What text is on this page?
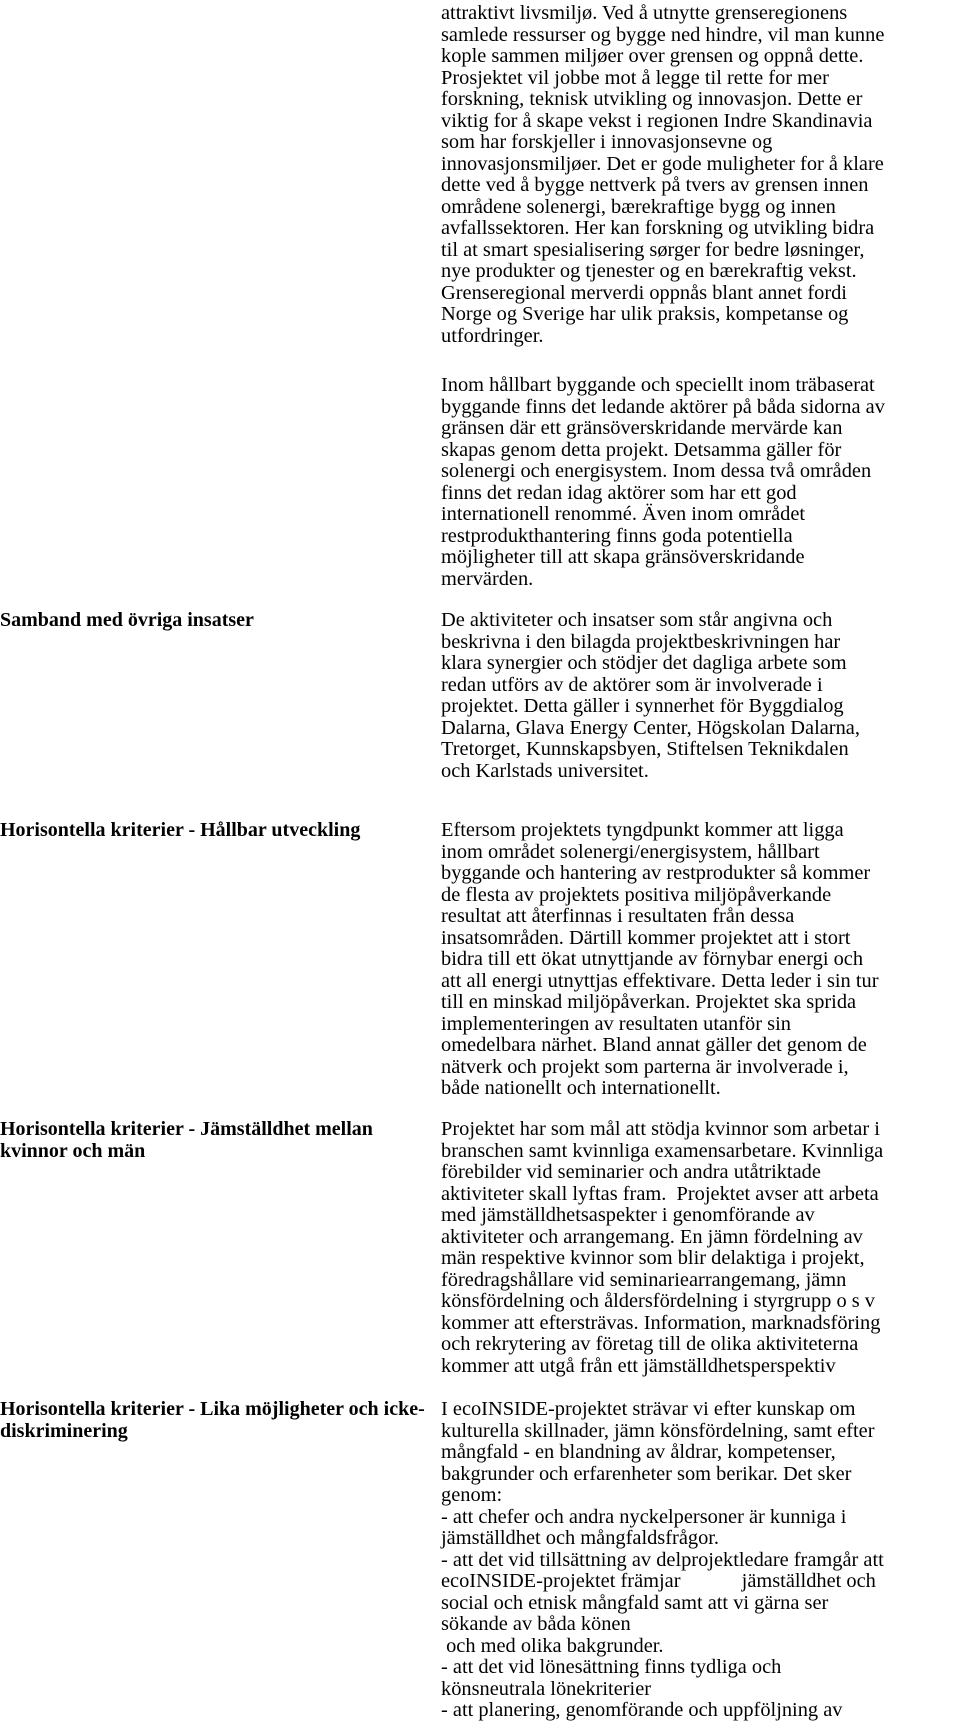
attraktivt livsmiljø. Ved å utnytte grenseregionens
samlede ressurser og bygge ned hindre, vil man kunne
kople sammen miljøer over grensen og oppnå dette.
Prosjektet vil jobbe mot å legge til rette for mer
forskning, teknisk utvikling og innovasjon. Dette er
viktig for å skape vekst i regionen Indre Skandinavia
som har forskjeller i innovasjonsevne og
innovasjonsmiljøer. Det er gode muligheter for å klare
dette ved å bygge nettverk på tvers av grensen innen
områdene solenergi, bærekraftige bygg og innen
avfallssektoren. Her kan forskning og utvikling bidra
til at smart spesialisering sørger for bedre løsninger,
nye produkter og tjenester og en bærekraftig vekst.
Grenseregional merverdi oppnås blant annet fordi
Norge og Sverige har ulik praksis, kompetanse og
utfordringer.
Inom hållbart byggande och speciellt inom träbaserat
byggande finns det ledande aktörer på båda sidorna av
gränsen där ett gränsöverskridande mervärde kan
skapas genom detta projekt. Detsamma gäller för
solenergi och energisystem. Inom dessa två områden
finns det redan idag aktörer som har ett god
internationell renommé. Även inom området
restprodukthantering finns goda potentiella
möjligheter till att skapa gränsöverskridande
mervärden.
Samband med övriga insatser	De aktiviteter och insatser som står angivna och
beskrivna i den bilagda projektbeskrivningen har
klara synergier och stödjer det dagliga arbete som
redan utförs av de aktörer som är involverade i
projektet. Detta gäller i synnerhet för Byggdialog
Dalarna, Glava Energy Center, Högskolan Dalarna,
Tretorget, Kunnskapsbyen, Stiftelsen Teknikdalen
och Karlstads universitet.
Horisontella kriterier - Hållbar utveckling	Eftersom projektets tyngdpunkt kommer att ligga
inom området solenergi/energisystem, hållbart
byggande och hantering av restprodukter så kommer
de flesta av projektets positiva miljöpåverkande
resultat att återfinnas i resultaten från dessa
insatsområden. Därtill kommer projektet att i stort
bidra till ett ökat utnyttjande av förnybar energi och
att all energi utnyttjas effektivare. Detta leder i sin tur
till en minskad miljöpåverkan. Projektet ska sprida
implementeringen av resultaten utanför sin
omedelbara närhet. Bland annat gäller det genom de
nätverk och projekt som parterna är involverade i,
både nationellt och internationellt.
Horisontella kriterier - Jämställdhet mellan
kvinnor och män
Projektet har som mål att stödja kvinnor som arbetar i
branschen samt kvinnliga examensarbetare. Kvinnliga
förebilder vid seminarier och andra utåtriktade
aktiviteter skall lyftas fram.  Projektet avser att arbeta
med jämställdhetsaspekter i genomförande av
aktiviteter och arrangemang. En jämn fördelning av
män respektive kvinnor som blir delaktiga i projekt,
föredragshållare vid seminariearrangemang, jämn
könsfördelning och åldersfördelning i styrgrupp o s v
kommer att eftersträvas. Information, marknadsföring
och rekrytering av företag till de olika aktiviteterna
kommer att utgå från ett jämställdhetsperspektiv
Horisontella kriterier - Lika möjligheter och icke-
diskriminering
I ecoINSIDE-projektet strävar vi efter kunskap om
kulturella skillnader, jämn könsfördelning, samt efter
mångfald - en blandning av åldrar, kompetenser,
bakgrunder och erfarenheter som berikar. Det sker
genom:
- att chefer och andra nyckelpersoner är kunniga i
jämställdhet och mångfaldsfrågor.
- att det vid tillsättning av delprojektledare framgår att
ecoINSIDE-projektet främjar            jämställdhet och
social och etnisk mångfald samt att vi gärna ser
sökande av båda könen
och med olika bakgrunder.
- att det vid lönesättning finns tydliga och
könsneutrala lönekriterier
- att planering, genomförande och uppföljning av
